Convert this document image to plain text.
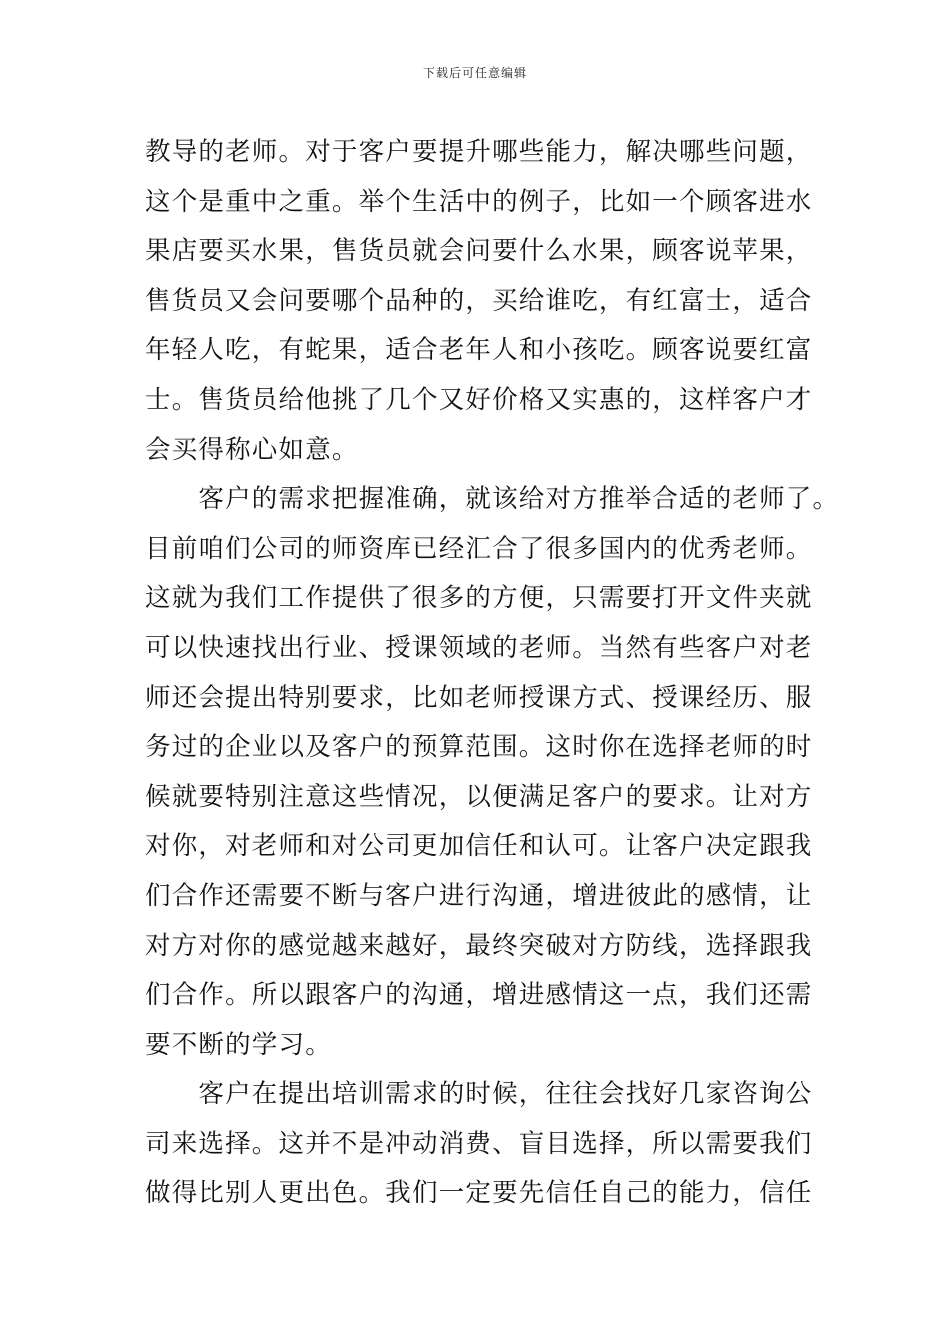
下载后可任意编辑
教导的老师。对于客户要提升哪些能力，解决哪些问题，
这个是重中之重。举个生活中的例子，比如一个顾客进水
果店要买水果，售货员就会问要什么水果，顾客说苹果，
售货员又会问要哪个品种的，买给谁吃，有红富士，适合
年轻人吃，有蛇果，适合老年人和小孩吃。顾客说要红富
士。售货员给他挑了几个又好价格又实惠的，这样客户才
会买得称心如意。
　　客户的需求把握准确，就该给对方推举合适的老师了。
目前咱们公司的师资库已经汇合了很多国内的优秀老师。
这就为我们工作提供了很多的方便，只需要打开文件夹就
可以快速找出行业、授课领域的老师。当然有些客户对老
师还会提出特别要求，比如老师授课方式、授课经历、服
务过的企业以及客户的预算范围。这时你在选择老师的时
候就要特别注意这些情况，以便满足客户的要求。让对方
对你，对老师和对公司更加信任和认可。让客户决定跟我
们合作还需要不断与客户进行沟通，增进彼此的感情，让
对方对你的感觉越来越好，最终突破对方防线，选择跟我
们合作。所以跟客户的沟通，增进感情这一点，我们还需
要不断的学习。
　　客户在提出培训需求的时候，往往会找好几家咨询公
司来选择。这并不是冲动消费、盲目选择，所以需要我们
做得比别人更出色。我们一定要先信任自己的能力，信任
